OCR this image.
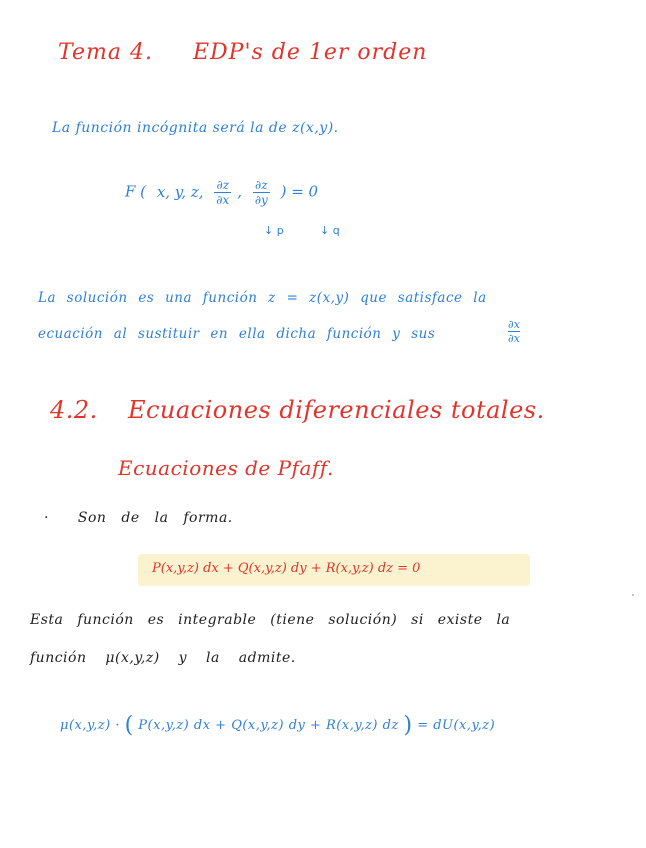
Tema 4. EDP's de 1er orden
La función incógnita será la de z(x,y).
F ( x, y, z, $\frac{\partial z}{\partial x}$ , $\frac{\partial z}{\partial y}$ ) = 0
↓ p	↓ q
La solución es una función z = z(x,y) que satisface la
ecuación al sustituir en ella dicha función y sus	$\frac{\partial x}{\partial x}$
4.2. Ecuaciones diferenciales totales.
Ecuaciones de Pfaff.
· Son de la forma.
P(x,y,z) dx + Q(x,y,z) dy + R(x,y,z) dz = 0
Esta función es integrable (tiene solución) si existe la
función μ(x,y,z) y la admite.
μ(x,y,z) · ( P(x,y,z) dx + Q(x,y,z) dy + R(x,y,z) dz ) = dU(x,y,z)
